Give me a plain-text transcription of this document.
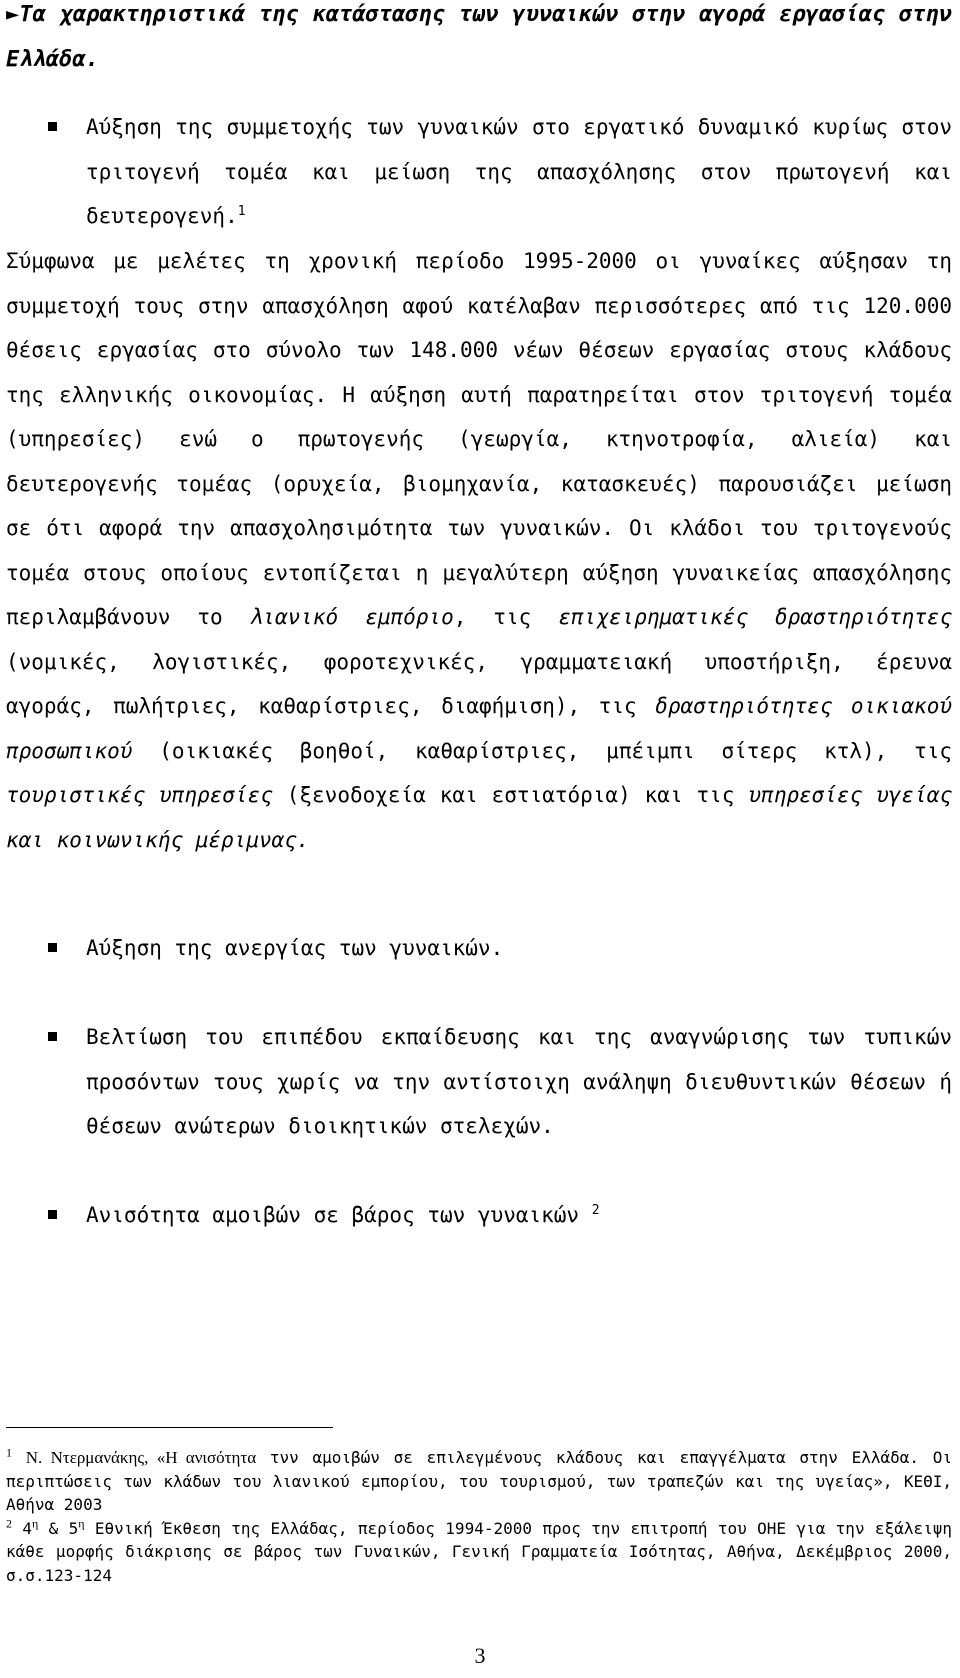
►Τα χαρακτηριστικά της κατάστασης των γυναικών στην αγορά εργασίας στην Ελλάδα.

Αύξηση της συμμετοχής των γυναικών στο εργατικό δυναμικό κυρίως στον τριτογενή τομέα και μείωση της απασχόλησης στον πρωτογενή και δευτερογενή.$^1$

Σύμφωνα με μελέτες τη χρονική περίοδο 1995-2000 οι γυναίκες αύξησαν τη συμμετοχή τους στην απασχόληση αφού κατέλαβαν περισσότερες από τις 120.000 θέσεις εργασίας στο σύνολο των 148.000 νέων θέσεων εργασίας στους κλάδους της ελληνικής οικονομίας. Η αύξηση αυτή παρατηρείται στον τριτογενή τομέα (υπηρεσίες) ενώ ο πρωτογενής (γεωργία, κτηνοτροφία, αλιεία) και δευτερογενής τομέας (ορυχεία, βιομηχανία, κατασκευές) παρουσιάζει μείωση σε ότι αφορά την απασχολησιμότητα των γυναικών. Οι κλάδοι του τριτογενούς τομέα στους οποίους εντοπίζεται η μεγαλύτερη αύξηση γυναικείας απασχόλησης περιλαμβάνουν το λιανικό εμπόριο, τις επιχειρηματικές δραστηριότητες (νομικές, λογιστικές, φοροτεχνικές, γραμματειακή υποστήριξη, έρευνα αγοράς, πωλήτριες, καθαρίστριες, διαφήμιση), τις δραστηριότητες οικιακού προσωπικού (οικιακές βοηθοί, καθαρίστριες, μπέιμπι σίτερς κτλ), τις τουριστικές υπηρεσίες (ξενοδοχεία και εστιατόρια) και τις υπηρεσίες υγείας και κοινωνικής μέριμνας.

Αύξηση της ανεργίας των γυναικών.

Βελτίωση του επιπέδου εκπαίδευσης και της αναγνώρισης των τυπικών προσόντων τους χωρίς να την αντίστοιχη ανάληψη διευθυντικών θέσεων ή θέσεων ανώτερων διοικητικών στελεχών.

Ανισότητα αμοιβών σε βάρος των γυναικών $^2$

$^1$ Ν. Ντερμανάκης, «Η ανισότητα τνν αμοιβών σε επιλεγμένους κλάδους και επαγγέλματα στην Ελλάδα. Οι περιπτώσεις των κλάδων του λιανικού εμπορίου, του τουρισμού, των τραπεζών και της υγείας», ΚΕΘΙ, Αθήνα 2003

$^2$ 4$^\eta$ & 5$^\eta$ Εθνική Έκθεση της Ελλάδας, περίοδος 1994-2000 προς την επιτροπή του ΟΗΕ για την εξάλειψη κάθε μορφής διάκρισης σε βάρος των Γυναικών, Γενική Γραμματεία Ισότητας, Αθήνα, Δεκέμβριος 2000, σ.σ.123-124

3
